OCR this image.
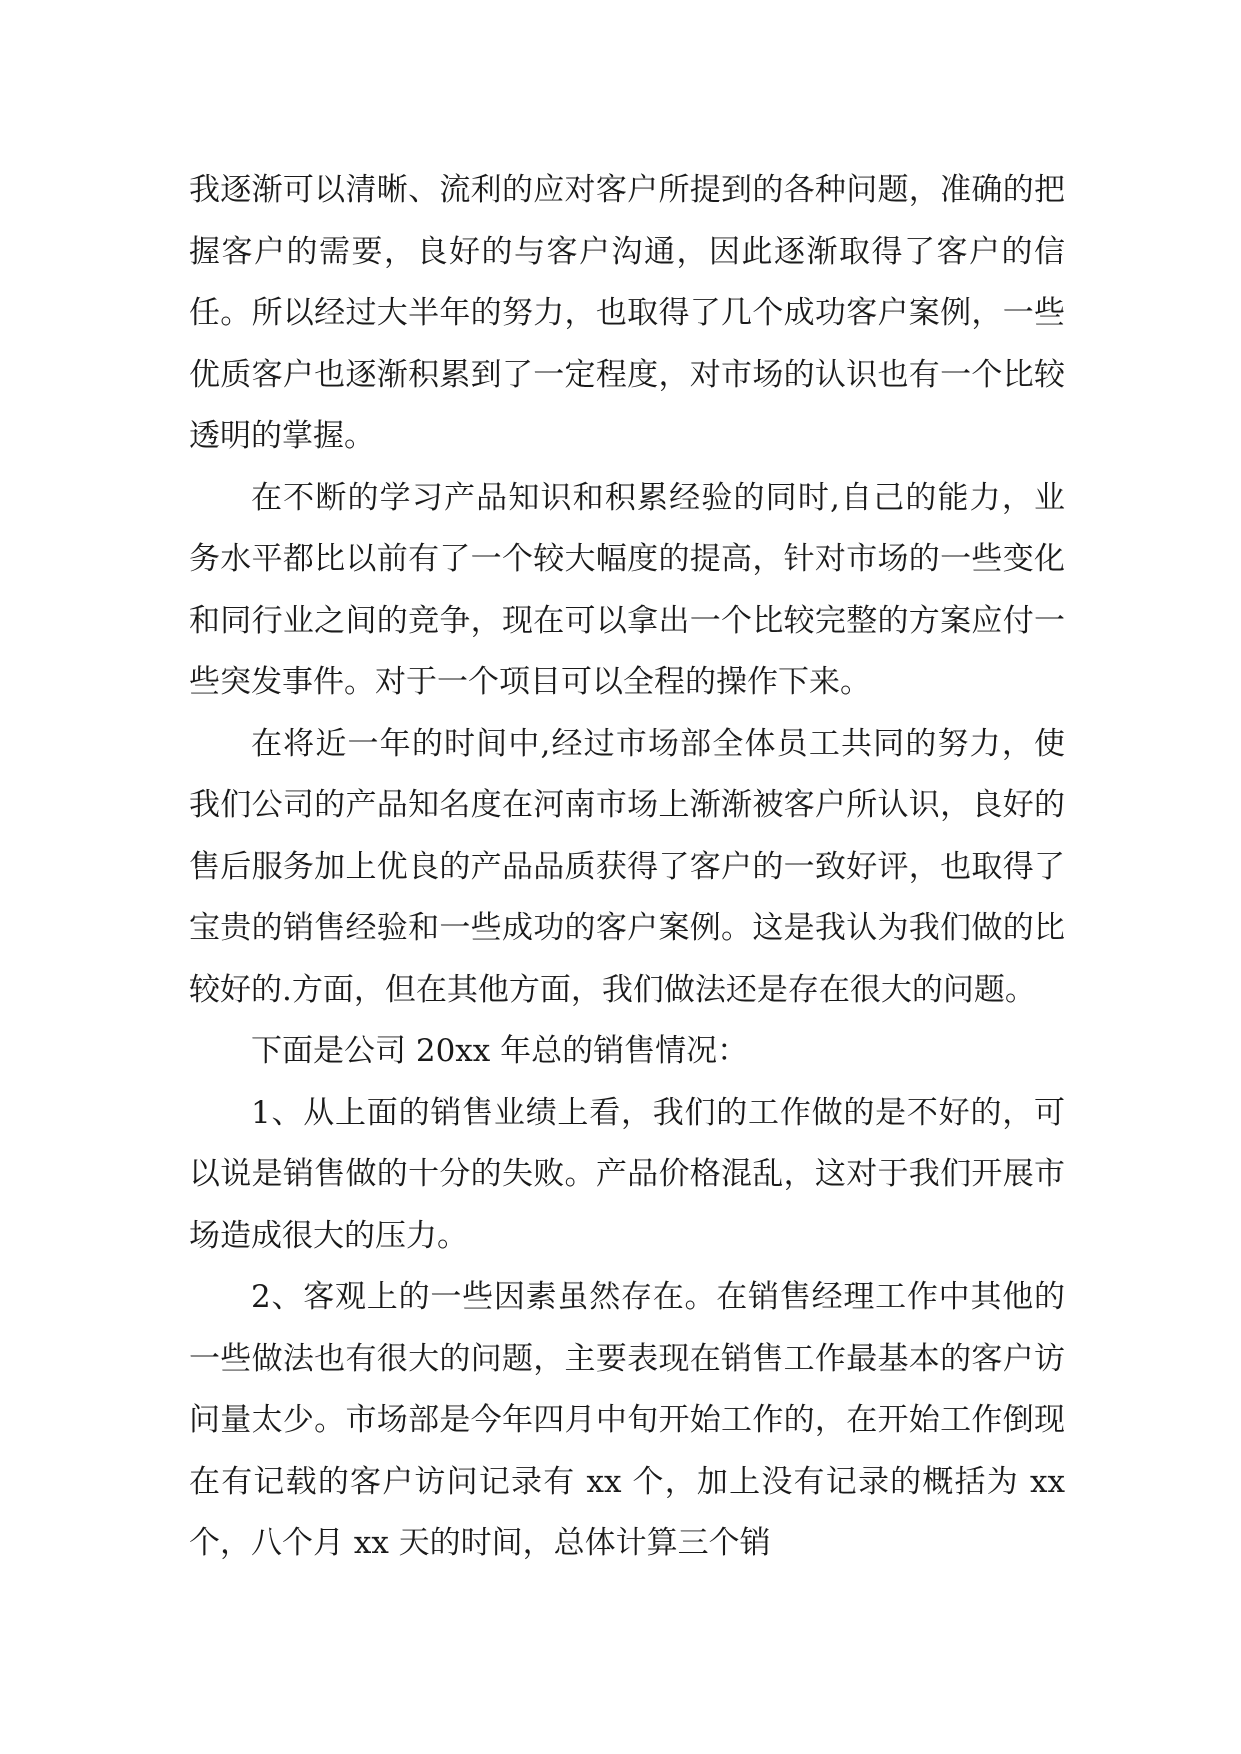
我逐渐可以清晰、流利的应对客户所提到的各种问题，准确的把握客户的需要，良好的与客户沟通，因此逐渐取得了客户的信任。所以经过大半年的努力，也取得了几个成功客户案例，一些优质客户也逐渐积累到了一定程度，对市场的认识也有一个比较透明的掌握。

在不断的学习产品知识和积累经验的同时,自己的能力，业务水平都比以前有了一个较大幅度的提高，针对市场的一些变化和同行业之间的竞争，现在可以拿出一个比较完整的方案应付一些突发事件。对于一个项目可以全程的操作下来。

在将近一年的时间中,经过市场部全体员工共同的努力，使我们公司的产品知名度在河南市场上渐渐被客户所认识，良好的售后服务加上优良的产品品质获得了客户的一致好评，也取得了宝贵的销售经验和一些成功的客户案例。这是我认为我们做的比较好的.方面，但在其他方面，我们做法还是存在很大的问题。

下面是公司 20xx 年总的销售情况：

1、从上面的销售业绩上看，我们的工作做的是不好的，可以说是销售做的十分的失败。产品价格混乱，这对于我们开展市场造成很大的压力。

2、客观上的一些因素虽然存在。在销售经理工作中其他的一些做法也有很大的问题，主要表现在销售工作最基本的客户访问量太少。市场部是今年四月中旬开始工作的，在开始工作倒现在有记载的客户访问记录有 xx 个，加上没有记录的概括为 xx 个，八个月 xx 天的时间，总体计算三个销
